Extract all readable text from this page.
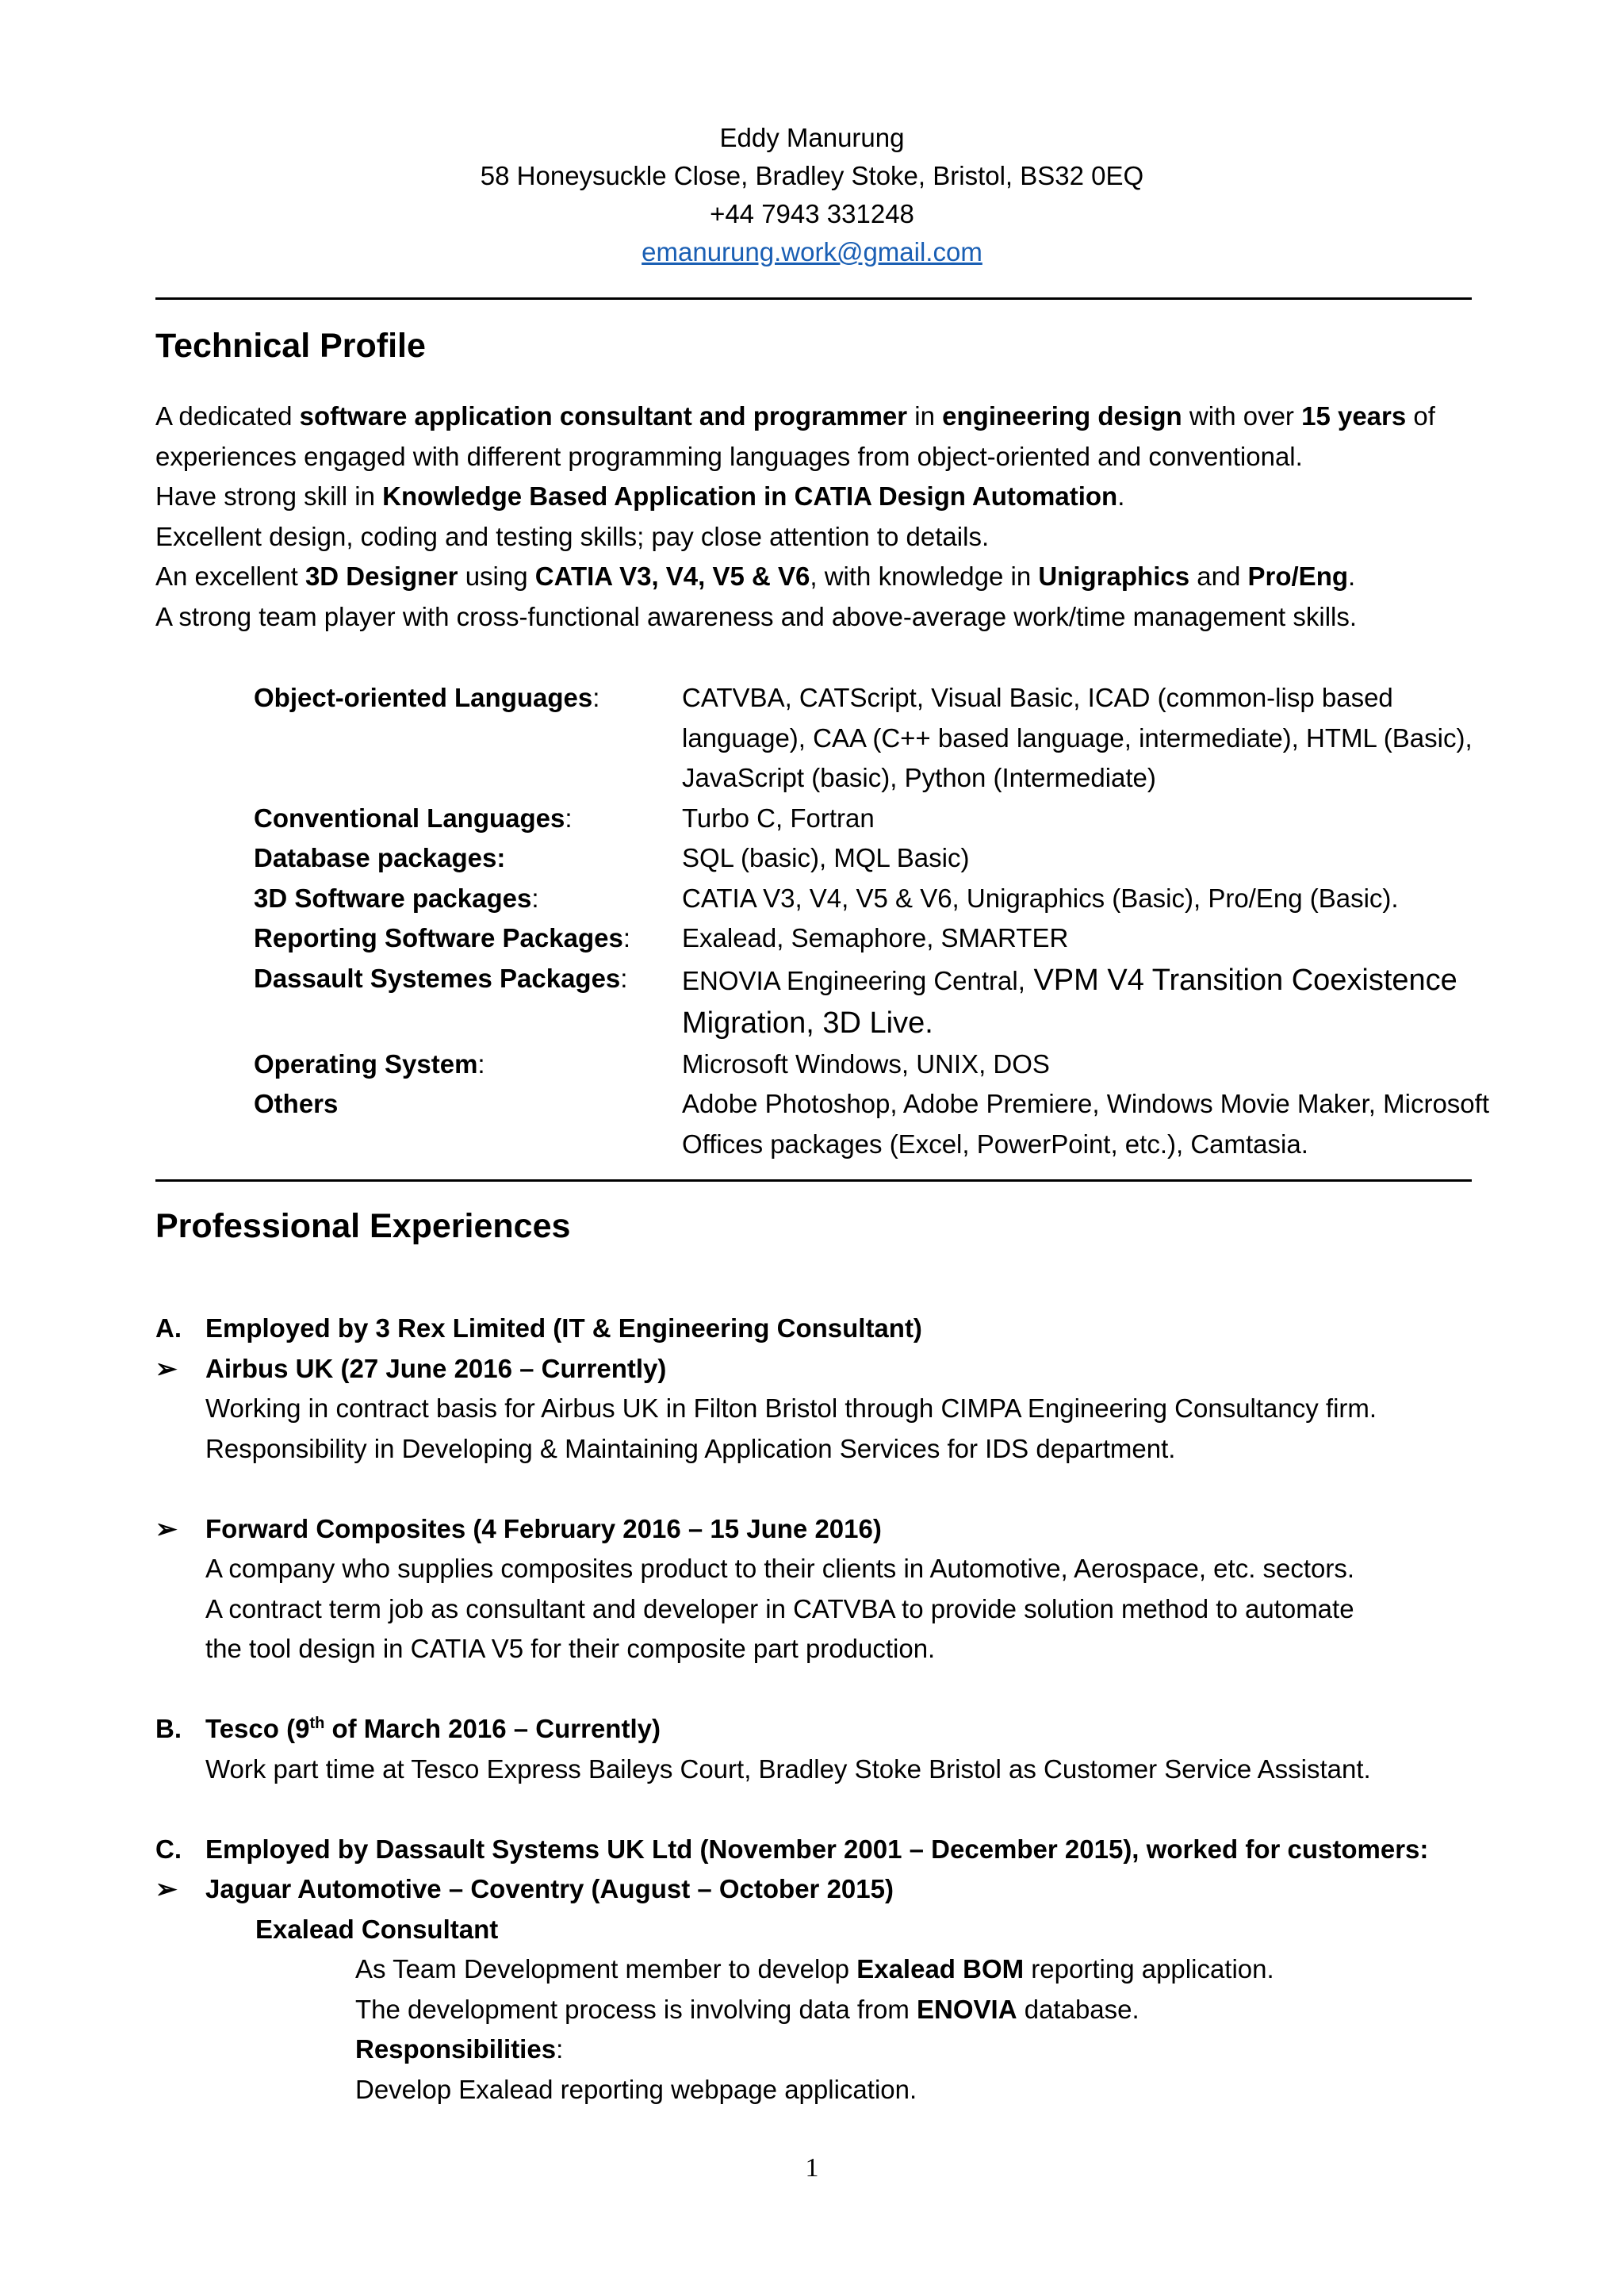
Eddy Manurung
58 Honeysuckle Close, Bradley Stoke, Bristol, BS32 0EQ
+44 7943 331248
emanurung.work@gmail.com
Technical Profile

A dedicated software application consultant and programmer in engineering design with over 15 years of experiences engaged with different programming languages from object-oriented and conventional.

Have strong skill in Knowledge Based Application in CATIA Design Automation.

Excellent design, coding and testing skills; pay close attention to details.

An excellent 3D Designer using CATIA V3, V4, V5 & V6, with knowledge in Unigraphics and Pro/Eng.

A strong team player with cross-functional awareness and above-average work/time management skills.

Object-oriented Languages:	CATVBA, CATScript, Visual Basic, ICAD (common-lisp based language), CAA (C++ based language, intermediate), HTML (Basic), JavaScript (basic), Python (Intermediate)
Conventional Languages:	Turbo C, Fortran
Database packages:	SQL (basic), MQL Basic)
3D Software packages:	CATIA V3, V4, V5 & V6, Unigraphics (Basic), Pro/Eng (Basic).
Reporting Software Packages:	Exalead, Semaphore, SMARTER
Dassault Systemes Packages:	ENOVIA Engineering Central, VPM V4 Transition Coexistence Migration, 3D Live.
Operating System:	Microsoft Windows, UNIX, DOS
Others	Adobe Photoshop, Adobe Premiere, Windows Movie Maker, Microsoft Offices packages (Excel, PowerPoint, etc.), Camtasia.
Professional Experiences
A. Employed by 3 Rex Limited (IT & Engineering Consultant)
➢ Airbus UK (27 June 2016 – Currently)
Working in contract basis for Airbus UK in Filton Bristol through CIMPA Engineering Consultancy firm.
Responsibility in Developing & Maintaining Application Services for IDS department.
➢ Forward Composites (4 February 2016 – 15 June 2016)
A company who supplies composites product to their clients in Automotive, Aerospace, etc. sectors.
A contract term job as consultant and developer in CATVBA to provide solution method to automate
the tool design in CATIA V5 for their composite part production.
B. Tesco (9th of March 2016 – Currently)
Work part time at Tesco Express Baileys Court, Bradley Stoke Bristol as Customer Service Assistant.
C. Employed by Dassault Systems UK Ltd (November 2001 – December 2015), worked for customers:
➢ Jaguar Automotive – Coventry (August – October 2015)
Exalead Consultant
As Team Development member to develop Exalead BOM reporting application.
The development process is involving data from ENOVIA database.
Responsibilities:
Develop Exalead reporting webpage application.
1
